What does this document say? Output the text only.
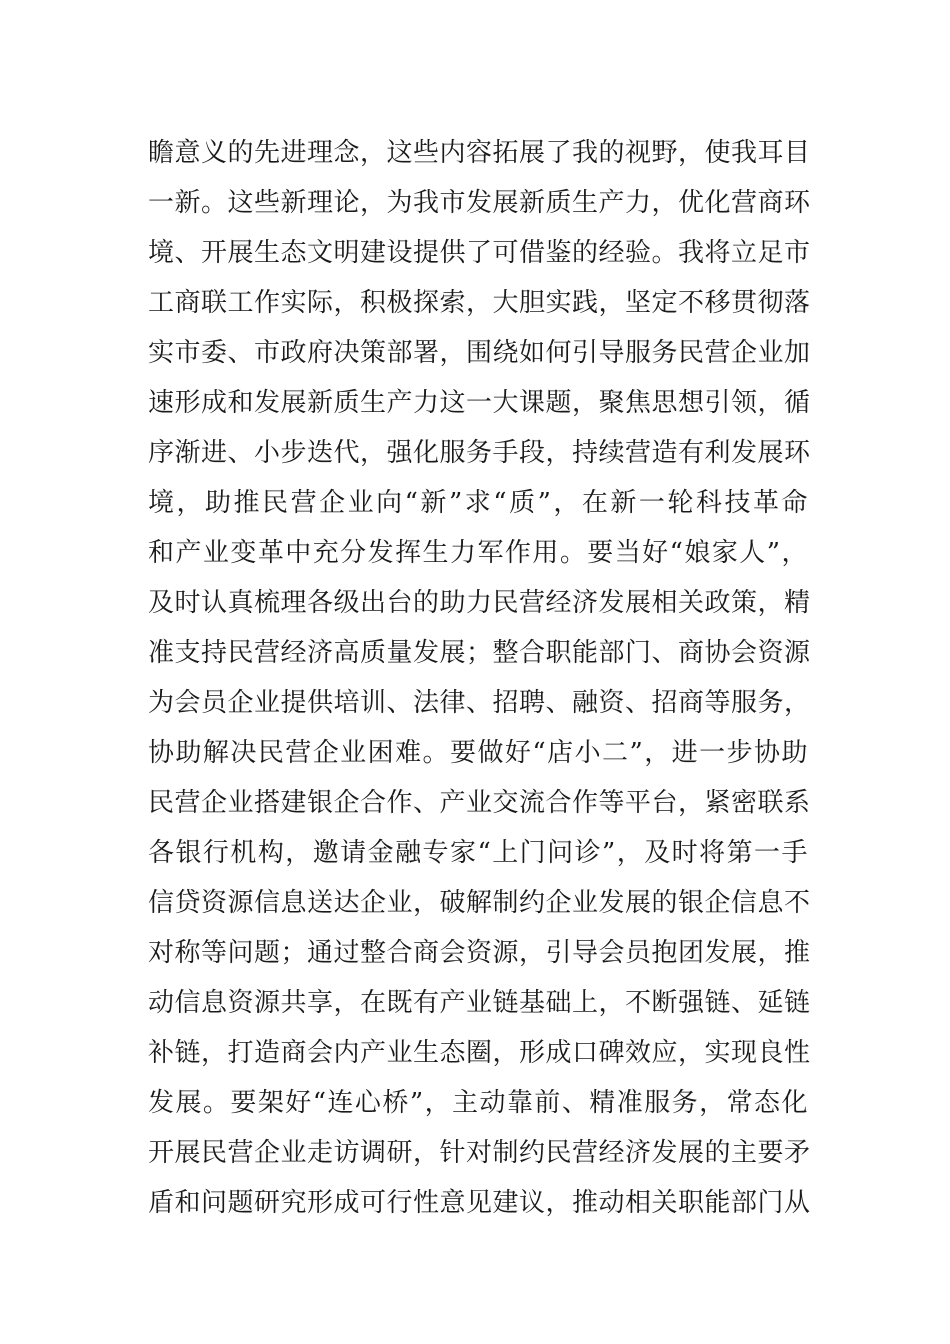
瞻意义的先进理念，这些内容拓展了我的视野，使我耳目
一新。这些新理论，为我市发展新质生产力，优化营商环
境、开展生态文明建设提供了可借鉴的经验。我将立足市
工商联工作实际，积极探索，大胆实践，坚定不移贯彻落
实市委、市政府决策部署，围绕如何引导服务民营企业加
速形成和发展新质生产力这一大课题，聚焦思想引领，循
序渐进、小步迭代，强化服务手段，持续营造有利发展环
境，助推民营企业向“新”求“质”，在新一轮科技革命
和产业变革中充分发挥生力军作用。要当好“娘家人”，
及时认真梳理各级出台的助力民营经济发展相关政策，精
准支持民营经济高质量发展；整合职能部门、商协会资源
为会员企业提供培训、法律、招聘、融资、招商等服务，
协助解决民营企业困难。要做好“店小二”，进一步协助
民营企业搭建银企合作、产业交流合作等平台，紧密联系
各银行机构，邀请金融专家“上门问诊”，及时将第一手
信贷资源信息送达企业，破解制约企业发展的银企信息不
对称等问题；通过整合商会资源，引导会员抱团发展，推
动信息资源共享，在既有产业链基础上，不断强链、延链
补链，打造商会内产业生态圈，形成口碑效应，实现良性
发展。要架好“连心桥”，主动靠前、精准服务，常态化
开展民营企业走访调研，针对制约民营经济发展的主要矛
盾和问题研究形成可行性意见建议，推动相关职能部门从
